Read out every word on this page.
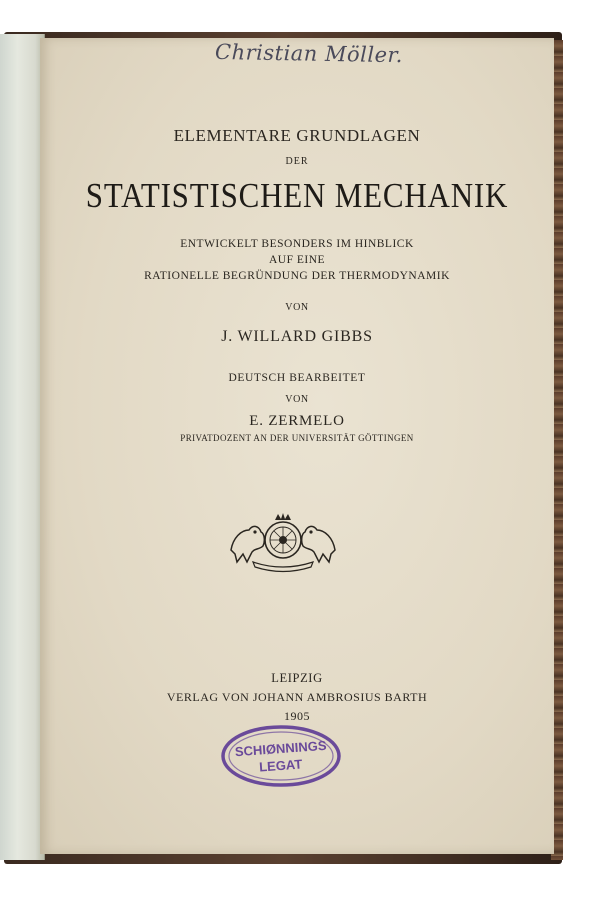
Christian Möller.
ELEMENTARE GRUNDLAGEN
DER
STATISTISCHEN MECHANIK
ENTWICKELT BESONDERS IM HINBLICK
AUF EINE
RATIONELLE BEGRÜNDUNG DER THERMODYNAMIK
VON
J. WILLARD GIBBS
DEUTSCH BEARBEITET
VON
E. ZERMELO
PRIVATDOZENT AN DER UNIVERSITÄT GÖTTINGEN
LEIPZIG
VERLAG VON JOHANN AMBROSIUS BARTH
1905
SCHIØNNINGS
LEGAT
